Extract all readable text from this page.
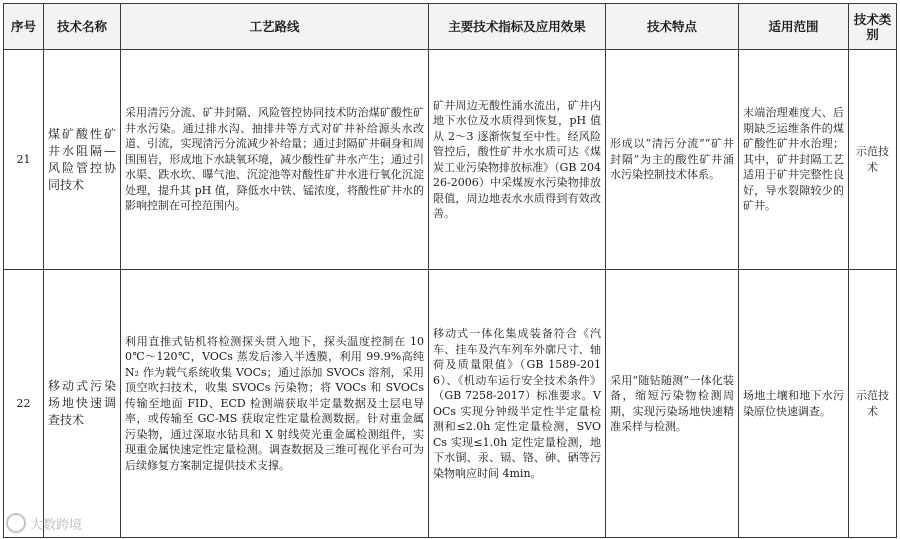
序号	技术名称	工艺路线	主要技术指标及应用效果	技术特点	适用范围	技术类别
21	煤矿酸性矿井水阻隔—风险管控协同技术	采用清污分流、矿井封隔、风险管控协同技术防治煤矿酸性矿井水污染。通过排水沟、抽排井等方式对矿井补给源头水改道、引流，实现清污分流减少补给量；通过封隔矿井硐身和周围围岩，形成地下水缺氧环境，减少酸性矿井水产生；通过引水渠、跌水坎、曝气池、沉淀池等对酸性矿井水进行氧化沉淀处理，提升其 pH 值，降低水中铁、锰浓度，将酸性矿井水的影响控制在可控范围内。	矿井周边无酸性涌水流出，矿井内地下水位及水质得到恢复，pH 值从 2～3 逐渐恢复至中性。经风险管控后，酸性矿井水水质可达《煤炭工业污染物排放标准》（GB 20426-2006）中采煤废水污染物排放限值，周边地表水水质得到有效改善。	形成以“清污分流”“矿井封隔”为主的酸性矿井涌水污染控制技术体系。	末端治理难度大、后期缺乏运维条件的煤矿酸性矿井水治理；其中，矿井封隔工艺适用于矿井完整性良好，导水裂隙较少的矿井。	示范技术
22	移动式污染场地快速调查技术	利用直推式钻机将检测探头贯入地下，探头温度控制在 100℃～120℃，VOCs 蒸发后渗入半透膜，利用 99.9%高纯 N₂ 作为载气系统收集 VOCs；通过添加 SVOCs 溶剂，采用顶空吹扫技术，收集 SVOCs 污染物；将 VOCs 和 SVOCs 传输至地面 FID、ECD 检测端获取半定量数据及土层电导率，或传输至 GC-MS 获取定性定量检测数据。针对重金属污染物，通过深取水钻具和 X 射线荧光重金属检测组件，实现重金属快速定性定量检测。调查数据及三维可视化平台可为后续修复方案制定提供技术支撑。	移动式一体化集成装备符合《汽车、挂车及汽车列车外廓尺寸、轴荷及质量限值》（GB 1589-2016）、《机动车运行安全技术条件》（GB 7258-2017）标准要求。VOCs 实现分钟级半定性半定量检测和≤2.0h 定性定量检测，SVOCs 实现≤1.0h 定性定量检测，地下水铜、汞、镉、铬、砷、硒等污染物响应时间 4min。	采用“随钻随测”一体化装备，缩短污染物检测周期，实现污染场地快速精准采样与检测。	场地土壤和地下水污染原位快速调查。	示范技术
大数跨境
